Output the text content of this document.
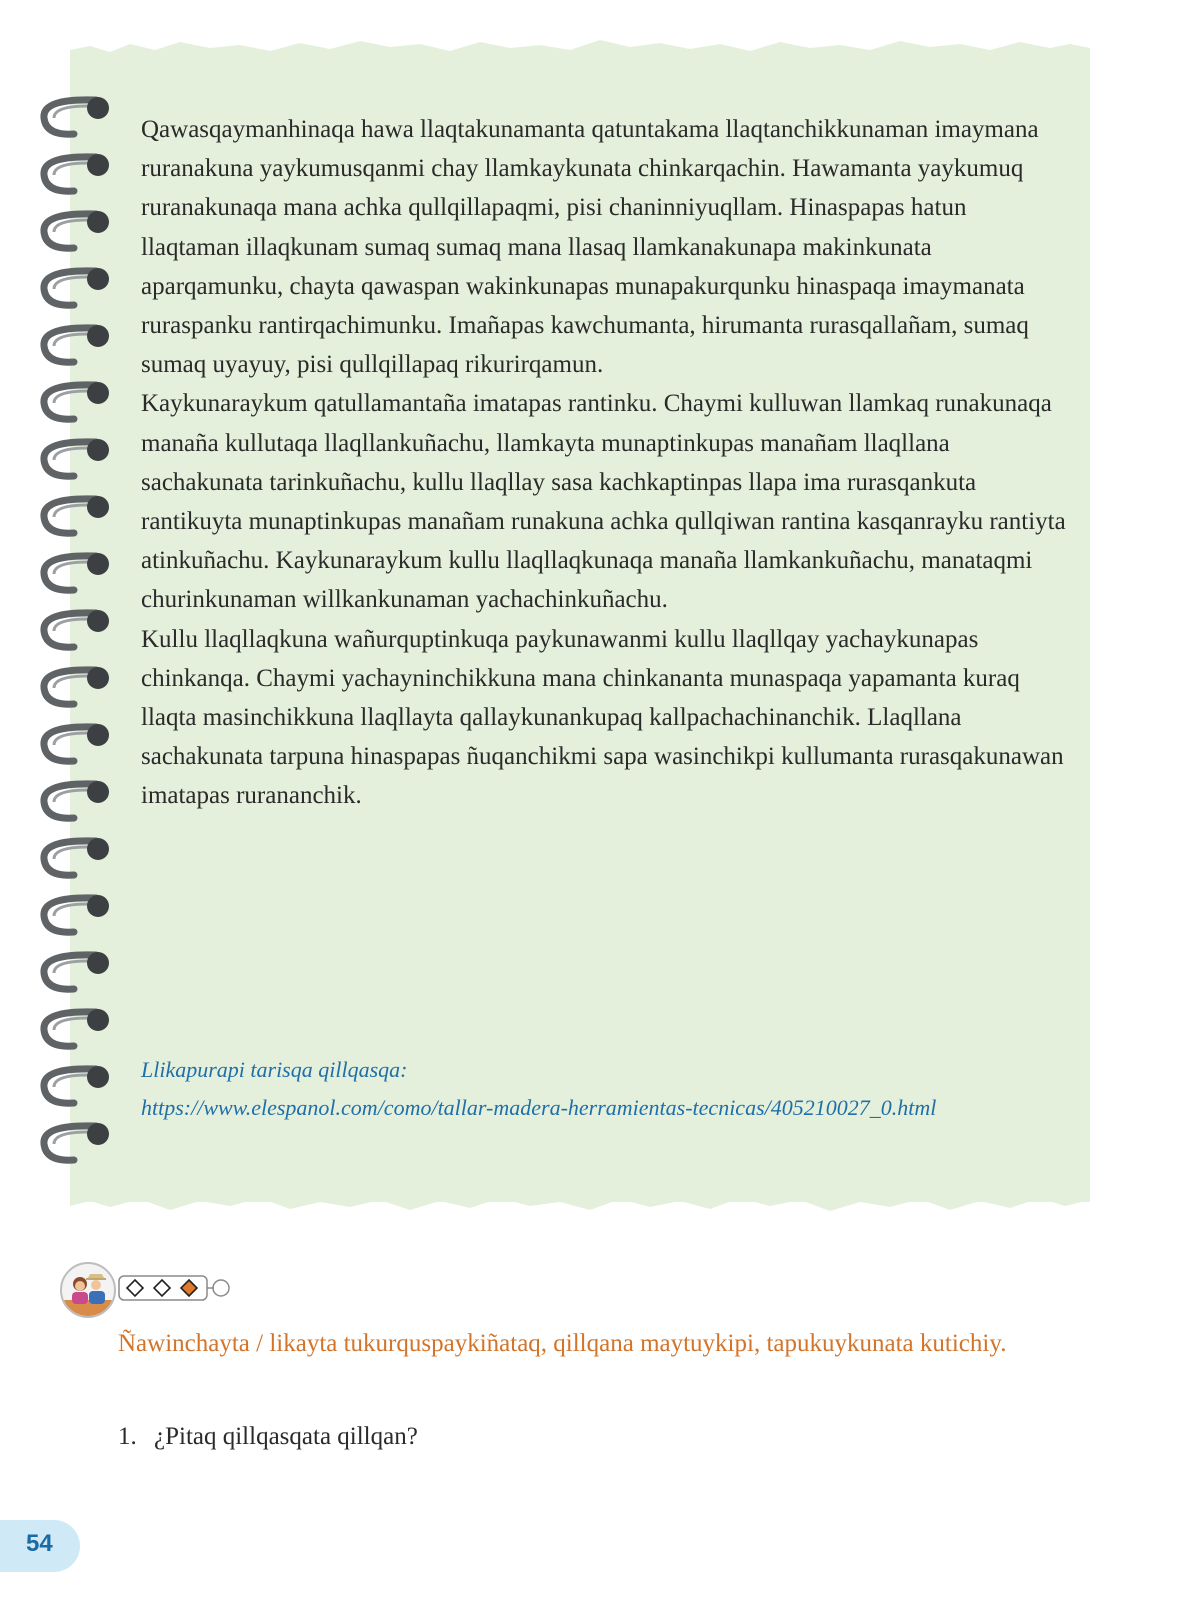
Qawasqaymanhinaqa hawa llaqtakunamanta qatuntakama llaqtanchikkunaman imaymana ruranakuna yaykumusqanmi chay llamkaykunata chinkarqachin. Hawamanta yaykumuq ruranakunaqa mana achka qullqillapaqmi, pisi chaninniyuqllam. Hinaspapas hatun llaqtaman illaqkunam sumaq sumaq mana llasaq llamkanakunapa makinkunata aparqamunku, chayta qawaspan wakinkunapas munapakurqunku hinaspaqa imaymanata ruraspanku rantirqachimunku. Imañapas kawchumanta, hirumanta rurasqallañam, sumaq sumaq uyayuy, pisi qullqillapaq rikurirqamun.

Kaykunaraykum qatullamantaña imatapas rantinku. Chaymi kulluwan llamkaq runakunaqa manaña kullutaqa llaqllankuñachu, llamkayta munaptinkupas manañam llaqllana sachakunata tarinkuñachu, kullu llaqllay sasa kachkaptinpas llapa ima rurasqankuta rantikuyta munaptinkupas manañam runakuna achka qullqiwan rantina kasqanrayku rantiyta atinkuñachu. Kaykunaraykum kullu llaqllaqkunaqa manaña llamkankuñachu, manataqmi churinkunaman willkankunaman yachachinkuñachu.

Kullu llaqllaqkuna wañurquptinkuqa paykunawanmi kullu llaqllqay yachaykunapas chinkanqa. Chaymi yachayninchikkuna mana chinkananta munaspaqa yapamanta kuraq llaqta masinchikkuna llaqllayta qallaykunankupaq kallpachachinanchik. Llaqllana sachakunata tarpuna hinaspapas ñuqanchikmi sapa wasinchikpi kullumanta rurasqakunawan imatapas rurananchik.

Llikapurapi tarisqa qillqasqa:
https://www.elespanol.com/como/tallar-madera-herramientas-tecnicas/405210027_0.html
Ñawinchayta / likayta tukurquspaykiñataq, qillqana maytuykipi, tapukuykunata kutichiy.
1. ¿Pitaq qillqasqata qillqan?
54
